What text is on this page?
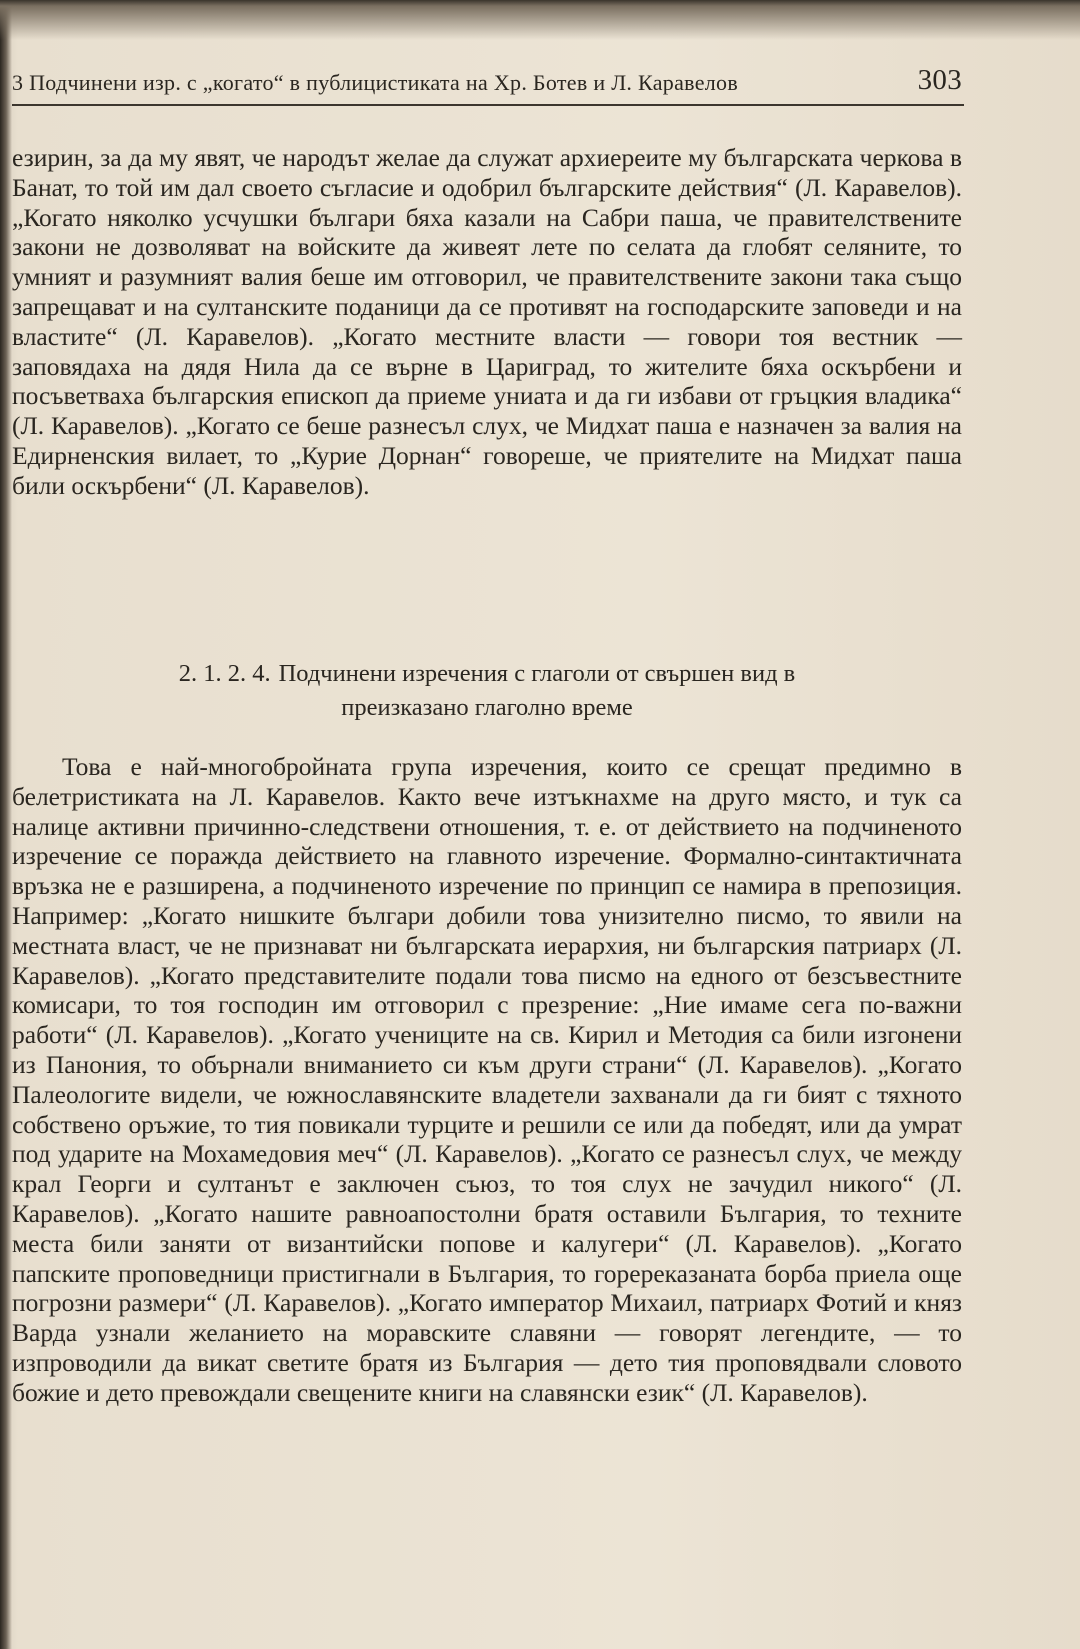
3 Подчинени изр. с „когато“ в публицистиката на Хр. Ботев и Л. Каравелов	303

езирин, за да му явят, че народът желае да служат архиереите му българската черкова в Банат, то той им дал своето съгласие и одобрил българските действия“ (Л. Каравелов). „Когато няколко усчушки българи бяха казали на Сабри паша, че правителствените закони не дозволяват на войските да живеят лете по селата да глобят селяните, то умният и разумният валия беше им отговорил, че правителствените закони така също запрещават и на султанските поданици да се противят на господарските заповеди и на властите“ (Л. Каравелов). „Когато местните власти — говори тоя вестник — заповядаха на дядя Нила да се върне в Цариград, то жителите бяха оскърбени и посъветваха българския епископ да приеме униата и да ги избави от гръцкия владика“ (Л. Каравелов). „Когато се беше разнесъл слух, че Мидхат паша е назначен за валия на Едирненския вилает, то „Курие Дорнан“ говореше, че приятелите на Мидхат паша били оскърбени“ (Л. Каравелов).

2. 1. 2. 4. Подчинени изречения с глаголи от свършен вид в
преизказано глаголно време

Това е най-многобройната група изречения, които се срещат предимно в белетристиката на Л. Каравелов. Както вече изтъкнахме на друго място, и тук са налице активни причинно-следствени отношения, т. е. от действието на подчиненото изречение се поражда действието на главното изречение. Формално-синтактичната връзка не е разширена, а подчиненото изречение по принцип се намира в препозиция. Например: „Когато нишките българи добили това унизително писмо, то явили на местната власт, че не признават ни българската иерархия, ни българския патриарх (Л. Каравелов). „Когато представителите подали това писмо на едного от безсъвестните комисари, то тоя господин им отговорил с презрение: „Ние имаме сега по-важни работи“ (Л. Каравелов). „Когато учениците на св. Кирил и Методия са били изгонени из Панония, то обърнали вниманието си към други страни“ (Л. Каравелов). „Когато Палеологите видели, че южнославянските владетели захванали да ги бият с тяхното собствено оръжие, то тия повикали турците и решили се или да победят, или да умрат под ударите на Мохамедовия меч“ (Л. Каравелов). „Когато се разнесъл слух, че между крал Георги и султанът е заключен съюз, то тоя слух не зачудил никого“ (Л. Каравелов). „Когато нашите равноапостолни братя оставили България, то техните места били заняти от византийски попове и калугери“ (Л. Каравелов). „Когато папските проповедници пристигнали в България, то горереказаната борба приела още погрозни размери“ (Л. Каравелов). „Когато император Михаил, патриарх Фотий и княз Варда узнали желанието на моравските славяни — говорят легендите, — то изпроводили да викат светите братя из България — дето тия проповядвали словото божие и дето превождали свещените книги на славянски език“ (Л. Каравелов).
